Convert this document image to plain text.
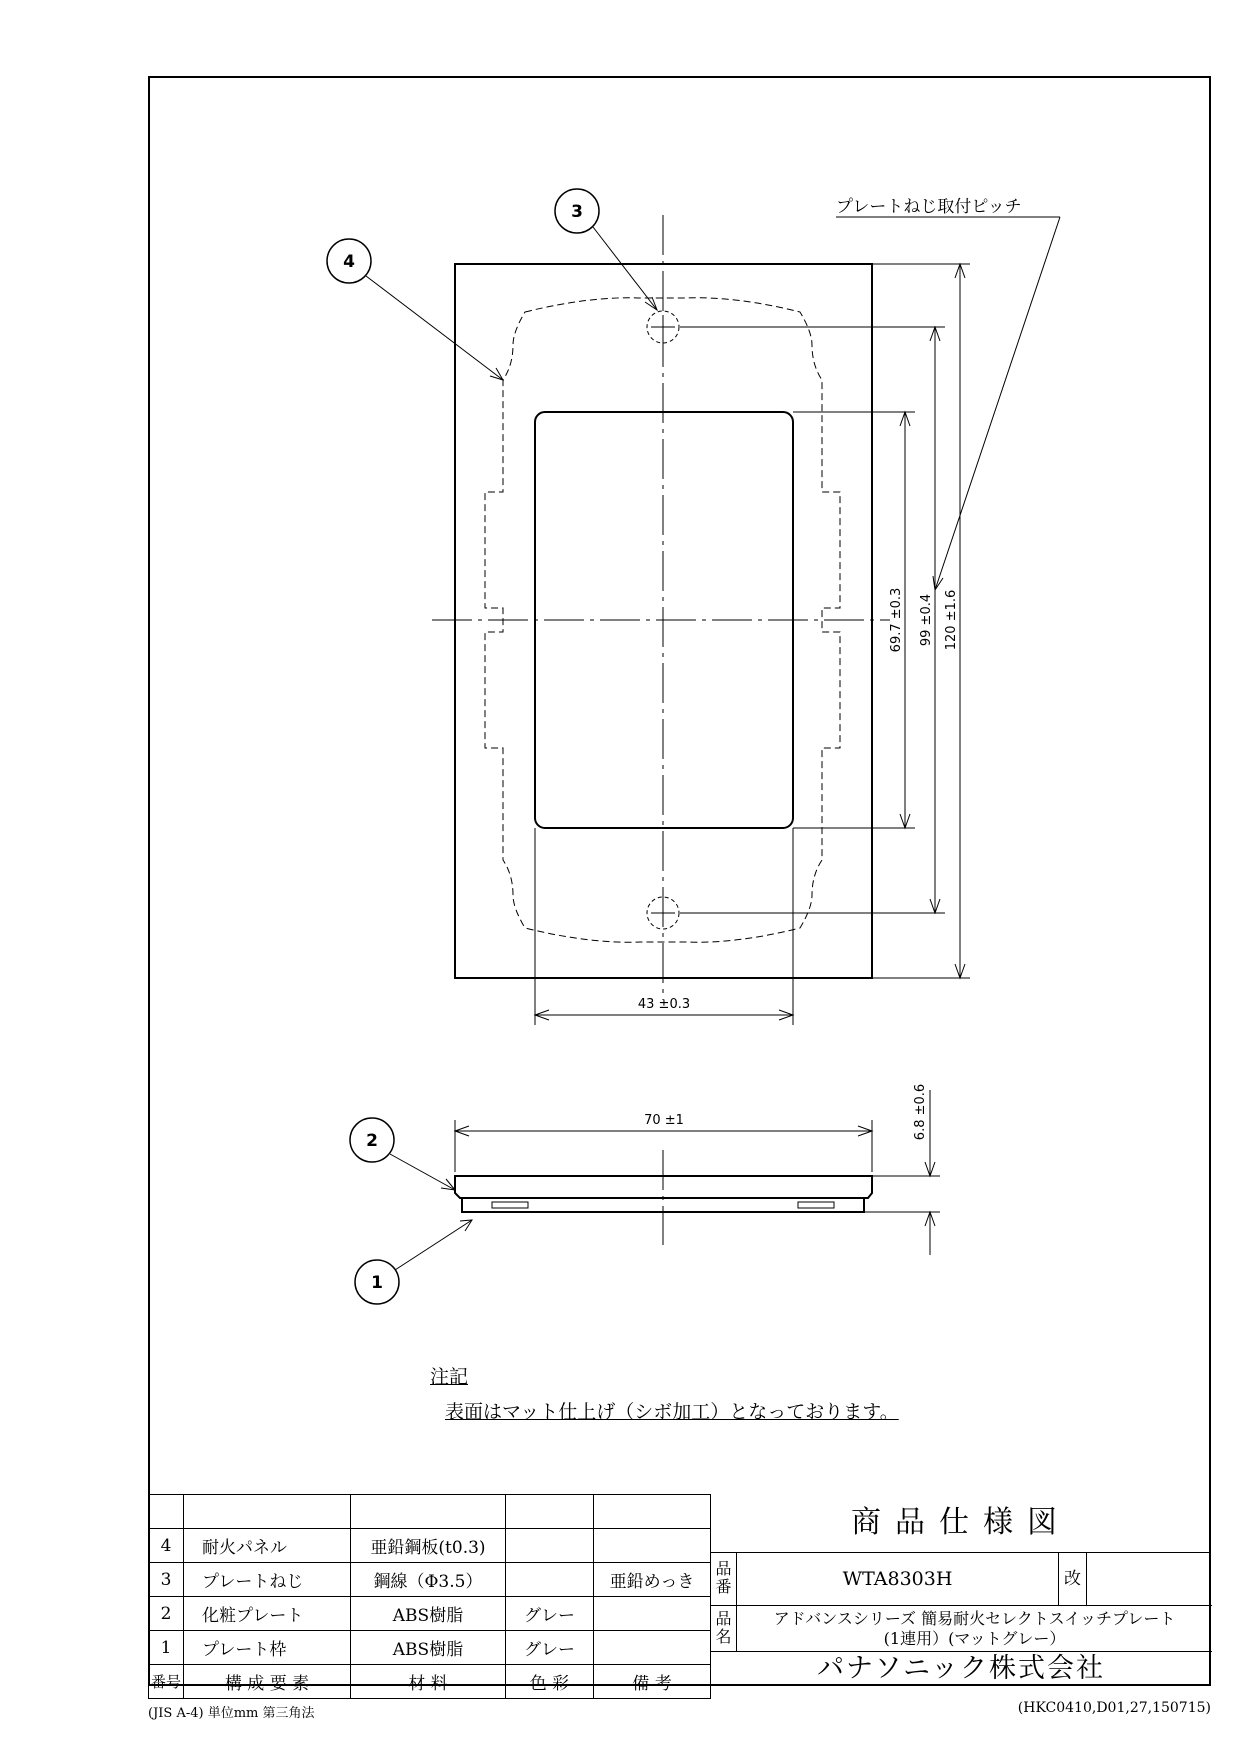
4
3
2
1
プレートねじ取付ピッチ
69.7 ±0.3 99 ±0.4 120 ±1.6
43 ±0.3
70 ±1	6.8 ±0.6
注記
表面はマット仕上げ（シボ加工）となっております。

4	耐火パネル	亜鉛鋼板(t0.3)		
3	プレートねじ	鋼線（Φ3.5）		亜鉛めっき
2	化粧プレート	ABS樹脂	グレー	
1	プレート枠	ABS樹脂	グレー	
番号	構 成 要 素	材 料	色 彩	備 考
商品仕様図
品番	WTA8303H	改
品名
アドバンスシリーズ 簡易耐火セレクトスイッチプレート
(1連用）(マットグレー）
パナソニック株式会社
(JIS A-4) 単位mm 第三角法	(HKC0410,D01,27,150715)
